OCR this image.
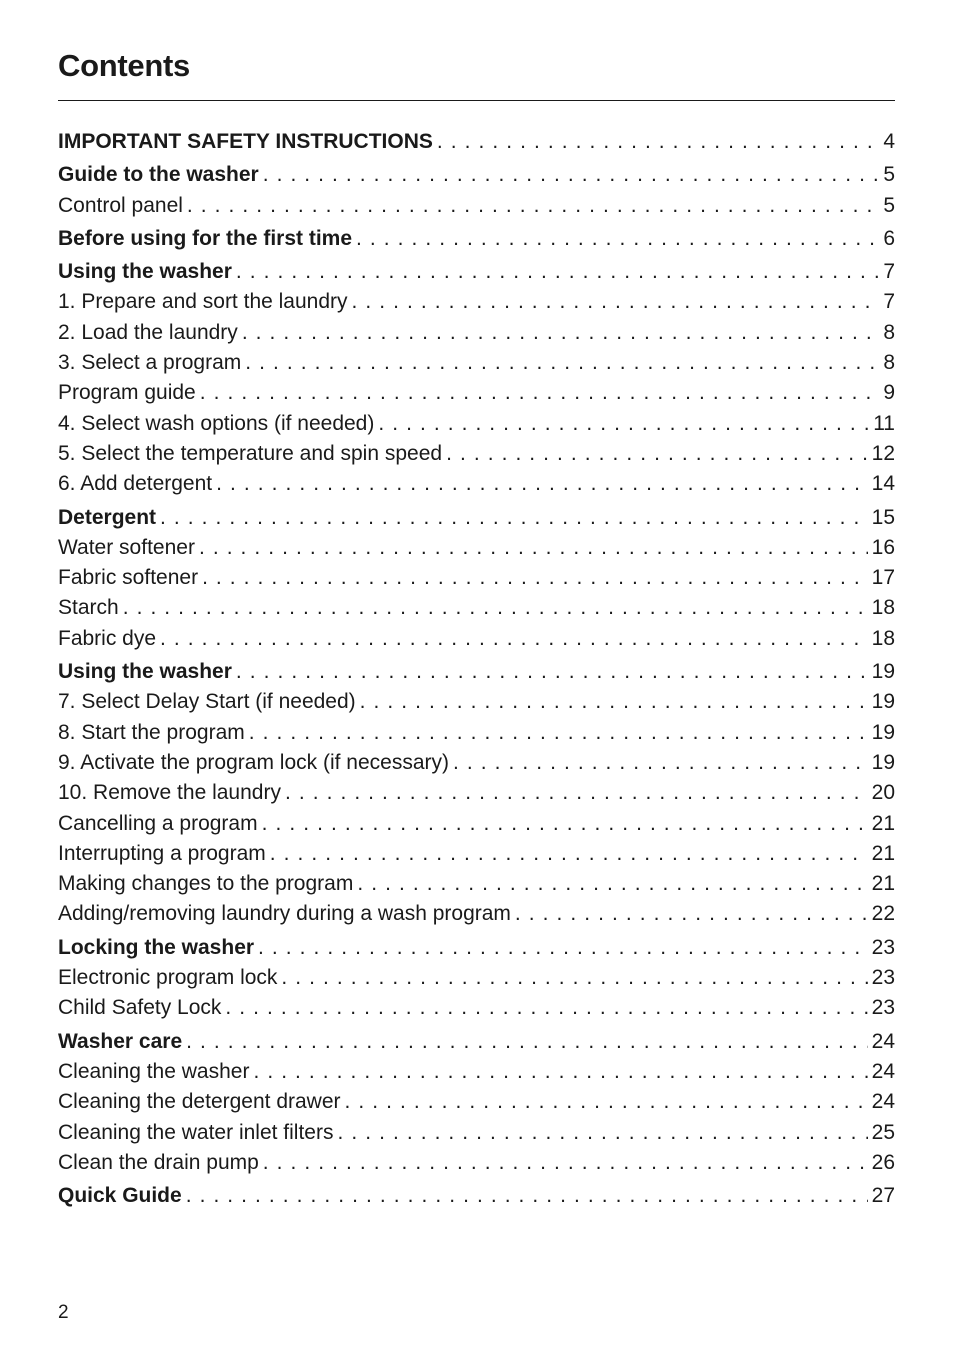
Contents
IMPORTANT SAFETY INSTRUCTIONS . . .	4
Guide to the washer . . .	5
Control panel . . .	5
Before using for the first time . . .	6
Using the washer . . .	7
1. Prepare and sort the laundry . . .	7
2. Load the laundry . . .	8
3. Select a program . . .	8
Program guide . . .	9
4. Select wash options (if needed) . . .	11
5. Select the temperature and spin speed . . .	12
6. Add detergent . . .	14
Detergent . . .	15
Water softener . . .	16
Fabric softener . . .	17
Starch . . .	18
Fabric dye . . .	18
Using the washer . . .	19
7. Select Delay Start (if needed) . . .	19
8. Start the program . . .	19
9. Activate the program lock (if necessary) . . .	19
10. Remove the laundry . . .	20
Cancelling a program . . .	21
Interrupting a program . . .	21
Making changes to the program . . .	21
Adding/removing laundry during a wash program . . .	22
Locking the washer . . .	23
Electronic program lock . . .	23
Child Safety Lock . . .	23
Washer care . . .	24
Cleaning the washer . . .	24
Cleaning the detergent drawer . . .	24
Cleaning the water inlet filters . . .	25
Clean the drain pump . . .	26
Quick Guide . . .	27
2
